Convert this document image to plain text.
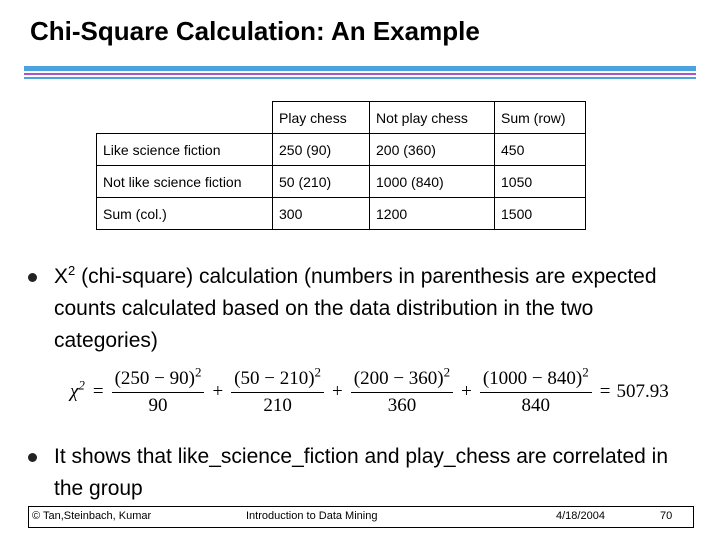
Chi-Square Calculation: An Example
	Play chess	Not play chess	Sum (row)
Like science fiction	250 (90)	200 (360)	450
Not like science fiction	50 (210)	1000 (840)	1050
Sum (col.)	300	1200	1500
$X^2$ (chi-square) calculation (numbers in parenthesis are expected counts calculated based on the data distribution in the two categories)
$\chi^2 = \frac{(250 - 90)^2}{90} + \frac{(50 - 210)^2}{210} + \frac{(200 - 360)^2}{360} + \frac{(1000 - 840)^2}{840} = 507.93$
It shows that like_science_fiction and play_chess are correlated in the group
© Tan,Steinbach, Kumar	Introduction to Data Mining	4/18/2004	70
